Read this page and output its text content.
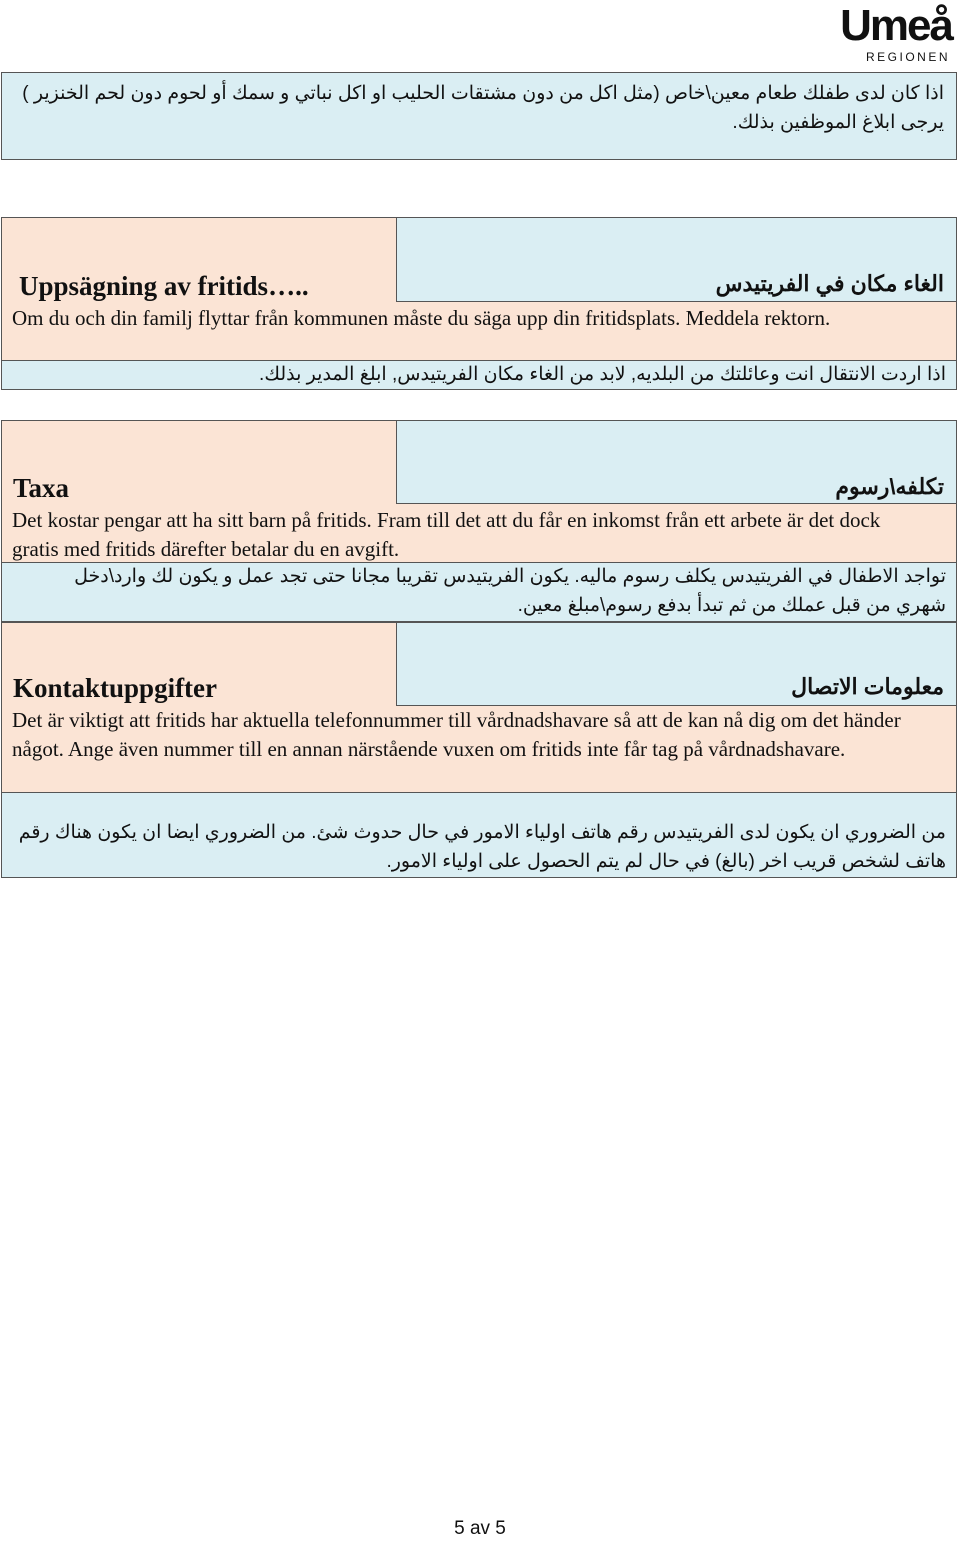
Umeå
REGIONEN
اذا كان لدى طفلك طعام معين\خاص (مثل اكل من دون مشتقات الحليب او اكل نباتي و سمك أو لحوم دون لحم الخنزير )
يرجى ابلاغ الموظفين بذلك.
Uppsägning av fritids…..	الغاء مكان في الفريتيدس
Om du och din familj flyttar från kommunen måste du säga upp din fritidsplats. Meddela rektorn.
اذا اردت الانتقال انت وعائلتك من البلديه, لابد من الغاء مكان الفريتيدس, ابلغ المدير بذلك.
Taxa	تكلفه\رسوم
Det kostar pengar att ha sitt barn på fritids. Fram till det att du får en inkomst från ett arbete är det dock gratis med fritids därefter betalar du en avgift.
تواجد الاطفال في الفريتيدس يكلف رسوم ماليه. يكون الفريتيدس تقريبا مجانا حتى تجد عمل و يكون لك وارد\دخل شهري من قبل عملك من ثم تبدأ بدفع رسوم\مبلغ معين.
Kontaktuppgifter	معلومات الاتصال
Det är viktigt att fritids har aktuella telefonnummer till vårdnadshavare så att de kan nå dig om det händer något. Ange även nummer till en annan närstående vuxen om fritids inte får tag på vårdnadshavare.
من الضروري ان يكون لدى الفريتيدس رقم هاتف اولياء الامور في حال حدوث شئ. من الضروري ايضا ان يكون هناك رقم هاتف لشخص قريب اخر (بالغ) في حال لم يتم الحصول على اولياء الامور.
5 av 5
